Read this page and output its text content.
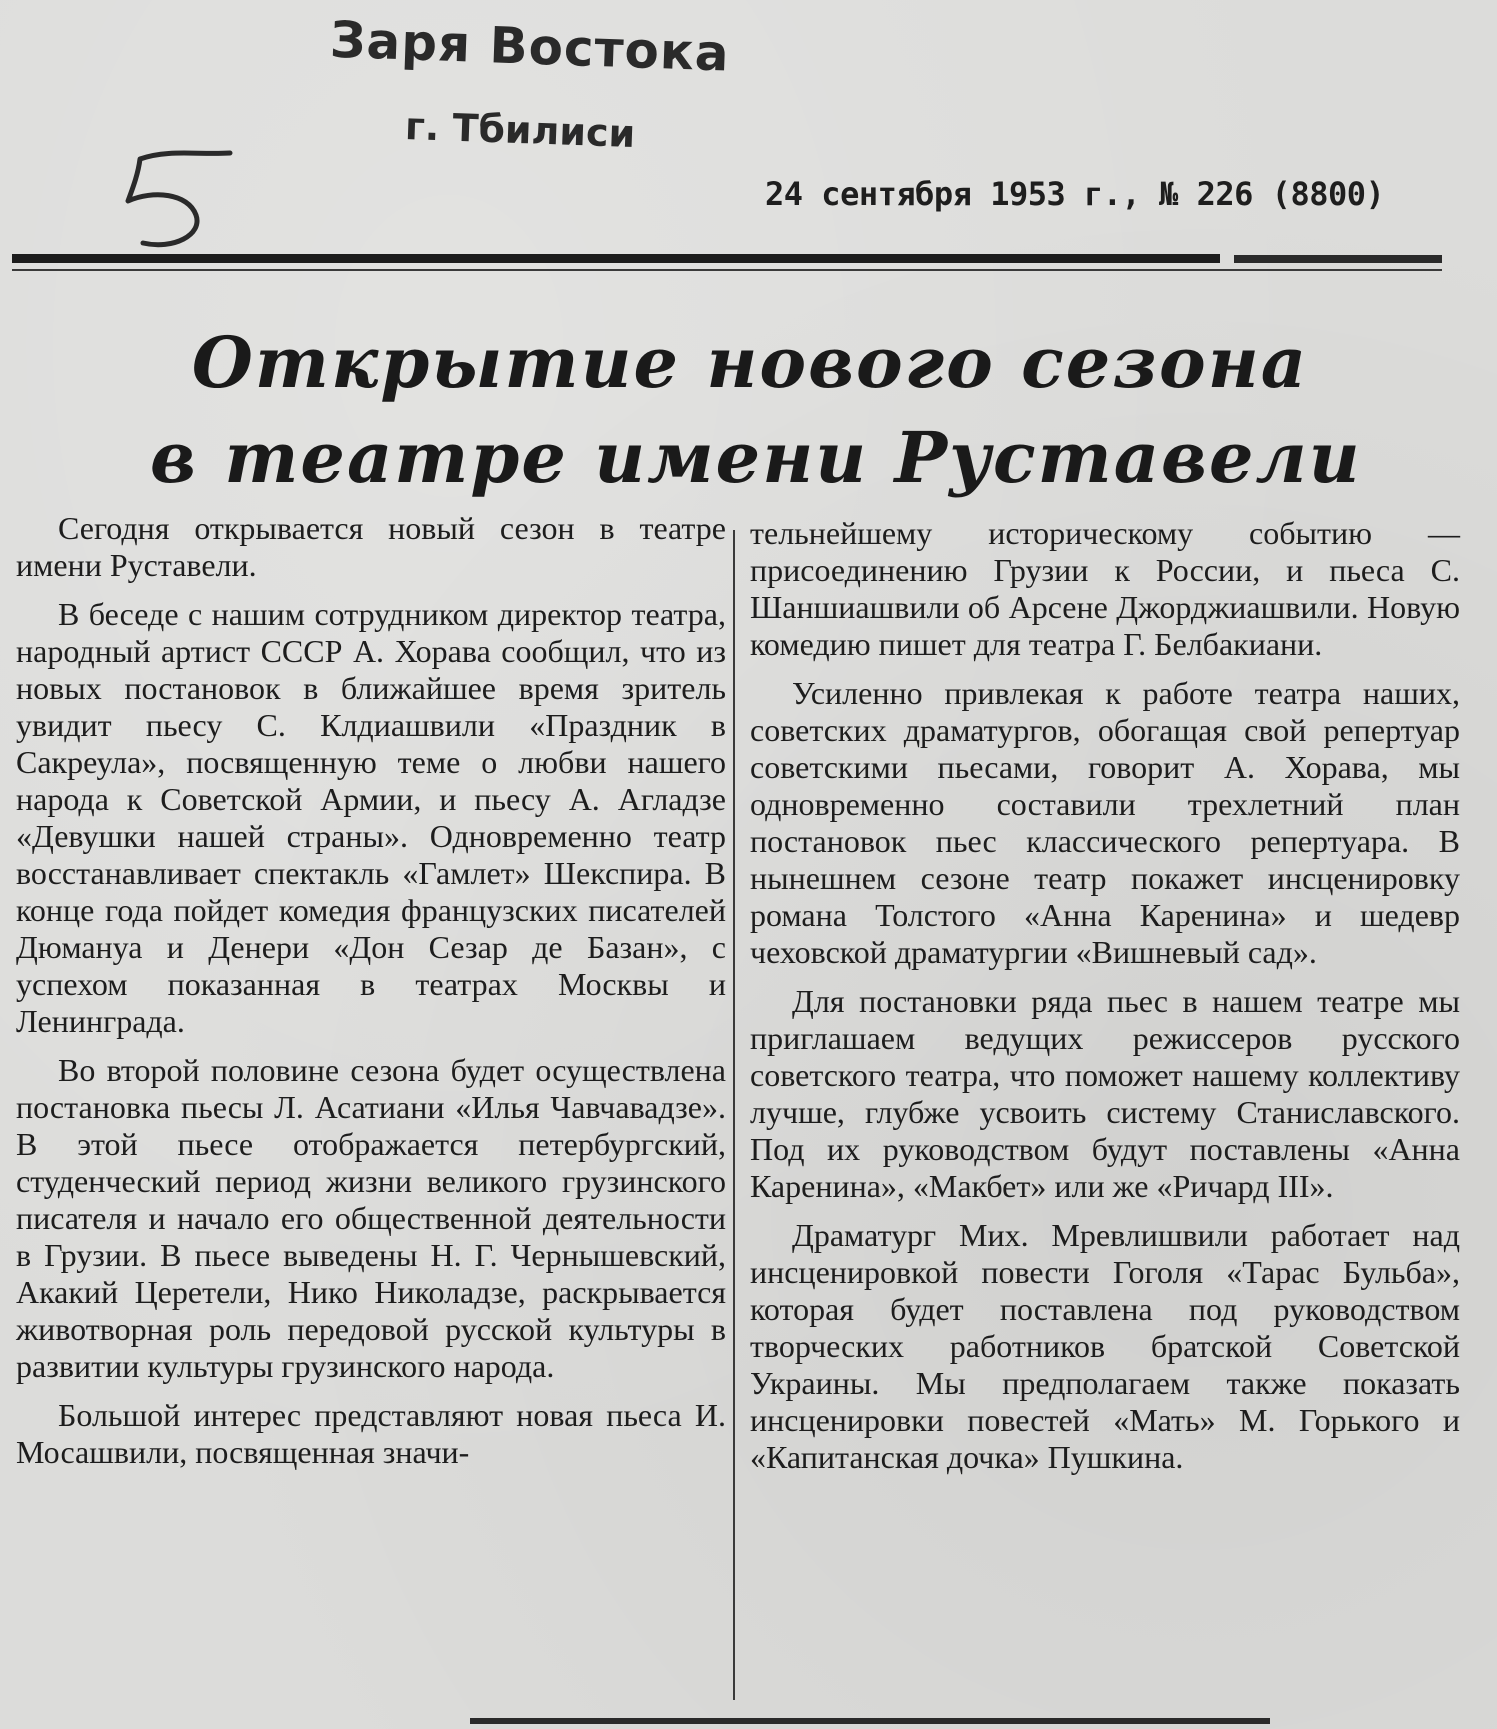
Заря Востока
г. Тбилиси
24 сентября 1953 г., № 226 (8800)
Открытие нового сезона
в театре имени Руставели

Сегодня открывается новый сезон в театре имени Руставели.

В беседе с нашим сотрудником директор театра, народный артист СССР А. Хорава сообщил, что из новых постановок в ближайшее время зритель увидит пьесу С. Клдиашвили «Праздник в Сакреула», посвященную теме о любви нашего народа к Советской Армии, и пьесу А. Агладзе «Девушки нашей страны». Одновременно театр восстанавливает спектакль «Гамлет» Шекспира. В конце года пойдет комедия французских писателей Дюмануа и Денери «Дон Сезар де Базан», с успехом показанная в театрах Москвы и Ленинграда.

Во второй половине сезона будет осуществлена постановка пьесы Л. Асатиани «Илья Чавчавадзе». В этой пьесе отображается петербургский, студенческий период жизни великого грузинского писателя и начало его общественной деятельности в Грузии. В пьесе выведены Н. Г. Чернышевский, Акакий Церетели, Нико Николадзе, раскрывается животворная роль передовой русской культуры в развитии культуры грузинского народа.

Большой интерес представляют новая пьеса И. Мосашвили, посвященная значи-

тельнейшему историческому событию — присоединению Грузии к России, и пьеса С. Шаншиашвили об Арсене Джорджиашвили. Новую комедию пишет для театра Г. Белбакиани.

Усиленно привлекая к работе театра наших, советских драматургов, обогащая свой репертуар советскими пьесами, говорит А. Хорава, мы одновременно составили трехлетний план постановок пьес классического репертуара. В нынешнем сезоне театр покажет инсценировку романа Толстого «Анна Каренина» и шедевр чеховской драматургии «Вишневый сад».

Для постановки ряда пьес в нашем театре мы приглашаем ведущих режиссеров русского советского театра, что поможет нашему коллективу лучше, глубже усвоить систему Станиславского. Под их руководством будут поставлены «Анна Каренина», «Макбет» или же «Ричард III».

Драматург Мих. Мревлишвили работает над инсценировкой повести Гоголя «Тарас Бульба», которая будет поставлена под руководством творческих работников братской Советской Украины. Мы предполагаем также показать инсценировки повестей «Мать» М. Горького и «Капитанская дочка» Пушкина.
